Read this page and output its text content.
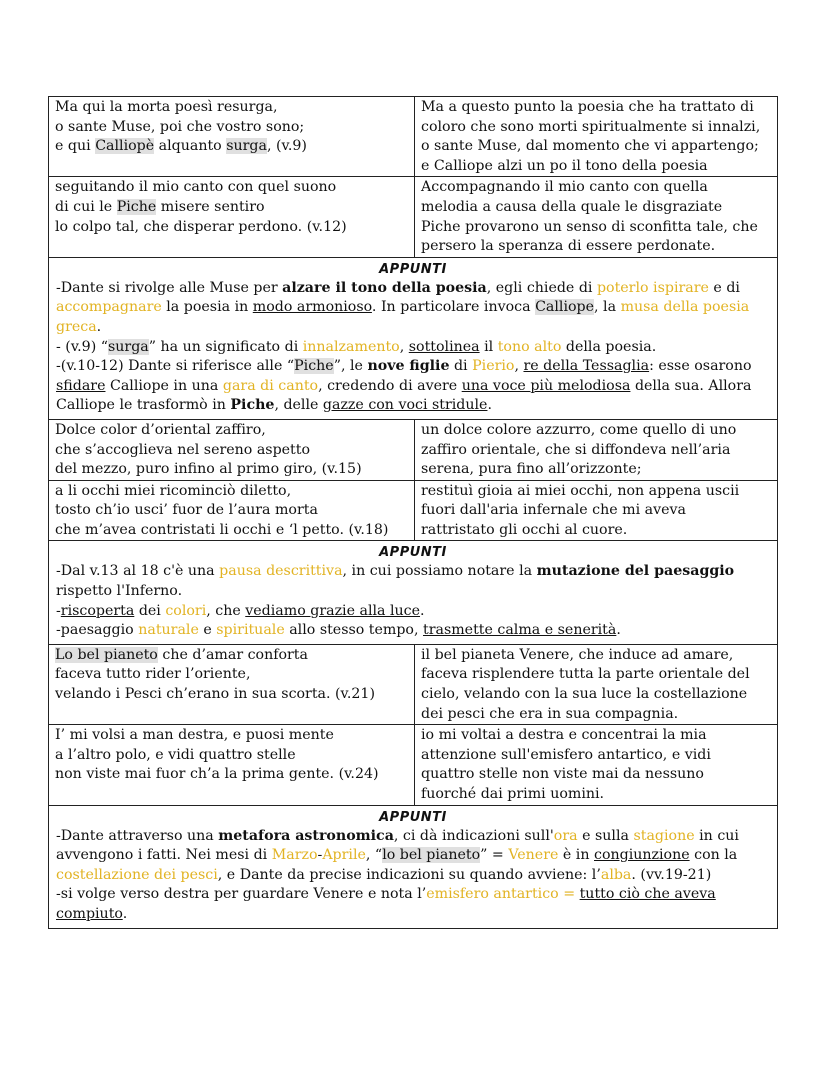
Ma qui la morta poesì resurga,
o sante Muse, poi che vostro sono;
e qui Calliopè alquanto surga, (v.9)	Ma a questo punto la poesia che ha trattato di
coloro che sono morti spiritualmente si innalzi,
o sante Muse, dal momento che vi appartengo;
e Calliope alzi un po il tono della poesia

seguitando il mio canto con quel suono
di cui le Piche misere sentiro
lo colpo tal, che disperar perdono. (v.12)	Accompagnando il mio canto con quella
melodia a causa della quale le disgraziate
Piche provarono un senso di sconfitta tale, che
persero la speranza di essere perdonate.

APPUNTI
-Dante si rivolge alle Muse per alzare il tono della poesia, egli chiede di poterlo ispirare e di accompagnare la poesia in modo armonioso. In particolare invoca Calliope, la musa della poesia greca.
- (v.9) “surga” ha un significato di innalzamento, sottolinea il tono alto della poesia.
-(v.10-12) Dante si riferisce alle “Piche”, le nove figlie di Pierio, re della Tessaglia: esse osarono sfidare Calliope in una gara di canto, credendo di avere una voce più melodiosa della sua. Allora Calliope le trasformò in Piche, delle gazze con voci stridule.	

Dolce color d’oriental zaffiro,
che s’accoglieva nel sereno aspetto
del mezzo, puro infino al primo giro, (v.15)	un dolce colore azzurro, come quello di uno
zaffiro orientale, che si diffondeva nell’aria
serena, pura fino all’orizzonte;

a li occhi miei ricominciò diletto,
tosto ch’io usci’ fuor de l’aura morta
che m’avea contristati li occhi e ‘l petto. (v.18)	restituì gioia ai miei occhi, non appena uscii
fuori dall'aria infernale che mi aveva
rattristato gli occhi al cuore.

APPUNTI
-Dal v.13 al 18 c'è una pausa descrittiva, in cui possiamo notare la mutazione del paesaggio rispetto l'Inferno.
-riscoperta dei colori, che vediamo grazie alla luce.
-paesaggio naturale e spirituale allo stesso tempo, trasmette calma e senerità.	

Lo bel pianeto che d’amar conforta
faceva tutto rider l’oriente,
velando i Pesci ch’erano in sua scorta. (v.21)	il bel pianeta Venere, che induce ad amare,
faceva risplendere tutta la parte orientale del
cielo, velando con la sua luce la costellazione
dei pesci che era in sua compagnia.

I’ mi volsi a man destra, e puosi mente
a l’altro polo, e vidi quattro stelle
non viste mai fuor ch’a la prima gente. (v.24)	io mi voltai a destra e concentrai la mia
attenzione sull'emisfero antartico, e vidi
quattro stelle non viste mai da nessuno
fuorché dai primi uomini.

APPUNTI
-Dante attraverso una metafora astronomica, ci dà indicazioni sull'ora e sulla stagione in cui avvengono i fatti. Nei mesi di Marzo-Aprile, “lo bel pianeto” = Venere è in congiunzione con la costellazione dei pesci, e Dante da precise indicazioni su quando avviene: l’alba. (vv.19-21)
-si volge verso destra per guardare Venere e nota l’emisfero antartico = tutto ciò che aveva compiuto.	
